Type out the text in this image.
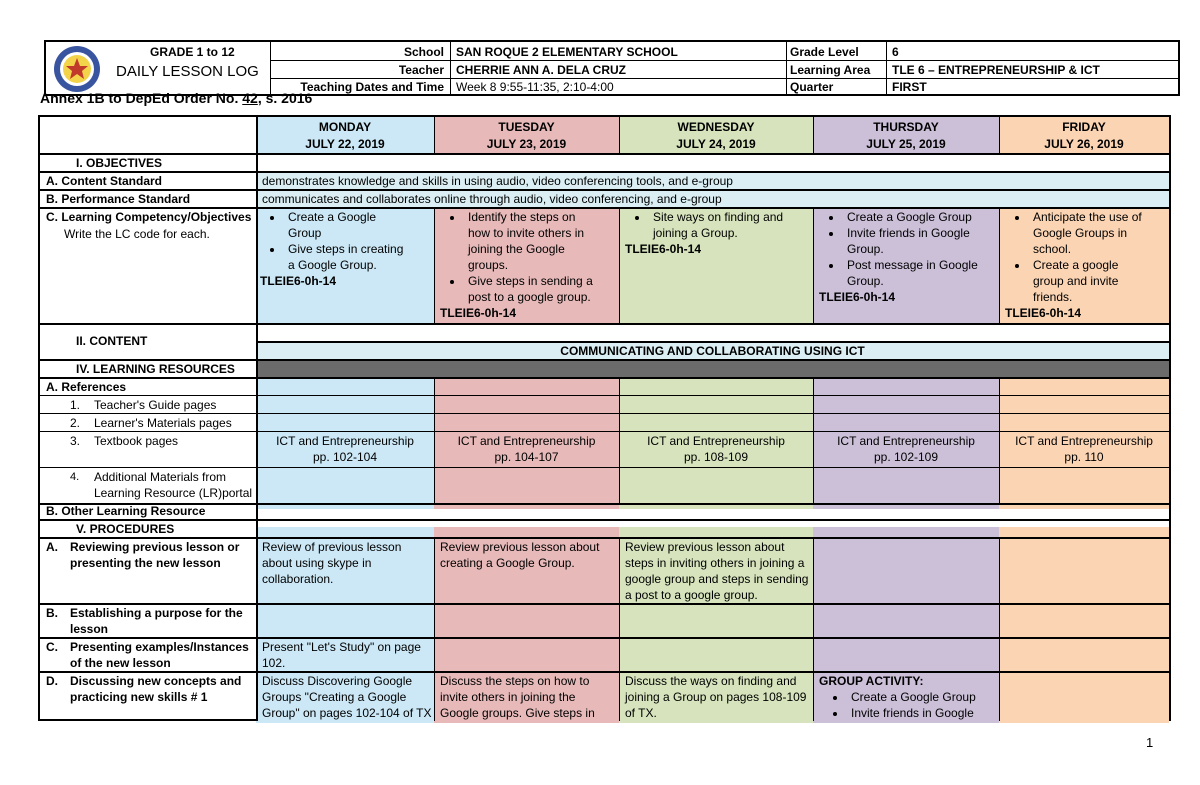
GRADE 1 to 12
DAILY LESSON LOG
School
Teacher
Teaching Dates and Time
SAN ROQUE 2 ELEMENTARY SCHOOL
CHERRIE ANN A. DELA CRUZ
Week 8 9:55-11:35, 2:10-4:00
Grade Level
Learning Area
Quarter
6
TLE 6 – ENTREPRENEURSHIP & ICT
FIRST
Annex 1B to DepEd Order No. 42, s. 2016
MONDAY
JULY 22, 2019
TUESDAY
JULY 23, 2019
WEDNESDAY
JULY 24, 2019
THURSDAY
JULY 25, 2019
FRIDAY
JULY 26, 2019
I. OBJECTIVES
A. Content Standard	demonstrates knowledge and skills in using audio, video conferencing tools, and e-group
B. Performance Standard	communicates and collaborates online through audio, video conferencing, and e-group
C. Learning Competency/Objectives
Write the LC code for each.
• Create a Google
Group
• Give steps in creating
a Google Group.
TLEIE6-0h-14
• Identify the steps on
how to invite others in
joining the Google
groups.
• Give steps in sending a
post to a google group.
TLEIE6-0h-14
• Site ways on finding and
joining a Group.
TLEIE6-0h-14
• Create a Google Group
• Invite friends in Google
Group.
• Post message in Google
Group.
TLEIE6-0h-14
• Anticipate the use of
Google Groups in
school.
• Create a google
group and invite
friends.
TLEIE6-0h-14
II. CONTENT
COMMUNICATING AND COLLABORATING USING ICT
IV. LEARNING RESOURCES
A. References
1. Teacher's Guide pages
2. Learner's Materials pages
3. Textbook pages
4. Additional Materials from
Learning Resource (LR)portal
B. Other Learning Resource
V. PROCEDURES
ICT and Entrepreneurship
pp. 102-104
ICT and Entrepreneurship
pp. 104-107
ICT and Entrepreneurship
pp. 108-109
ICT and Entrepreneurship
pp. 102-109
ICT and Entrepreneurship
pp. 110
A. Reviewing previous lesson or
presenting the new lesson
B. Establishing a purpose for the
lesson
C. Presenting examples/Instances
of the new lesson
D. Discussing new concepts and
practicing new skills # 1
Review of previous lesson
about using skype in
collaboration.
Review previous lesson about
creating a Google Group.
Review previous lesson about
steps in inviting others in joining a
google group and steps in sending
a post to a google group.
Present "Let's Study" on page
102.
Discuss Discovering Google
Groups "Creating a Google
Group" on pages 102-104 of TX
Discuss the steps on how to
invite others in joining the
Google groups. Give steps in
Discuss the ways on finding and
joining a Group on pages 108-109
of TX.
GROUP ACTIVITY:
• Create a Google Group
• Invite friends in Google
1
